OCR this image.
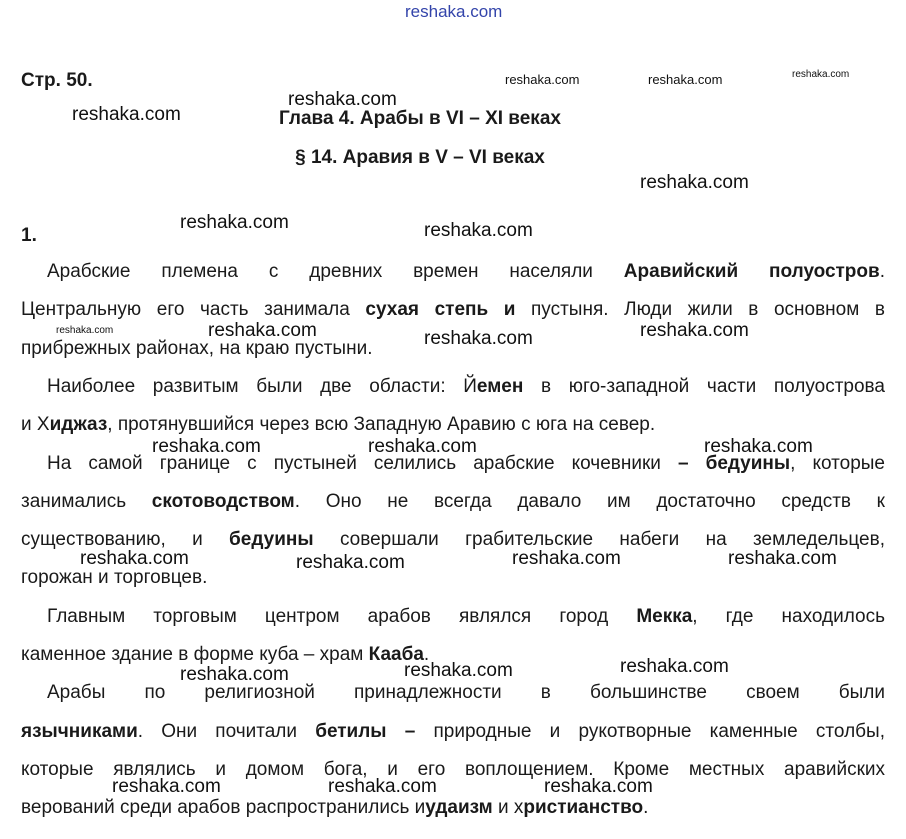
reshaka.com
reshaka.com	reshaka.com	reshaka.com
reshaka.com
reshaka.com
reshaka.com
reshaka.com	reshaka.com
reshaka.com	reshaka.com	reshaka.com	reshaka.com
reshaka.com	reshaka.com	reshaka.com
reshaka.com	reshaka.com	reshaka.com	reshaka.com
reshaka.com
reshaka.com	reshaka.com
reshaka.com	reshaka.com	reshaka.com
Стр. 50.
Глава 4. Арабы в VI – XI веках
§ 14. Аравия в V – VI веках
1.
Арабские племена с древних времен населяли Аравийский полуостров.
Центральную его часть занимала сухая степь и пустыня. Люди жили в основном в
прибрежных районах, на краю пустыни.
Наиболее развитым были две области: Йемен в юго-западной части полуострова
и Хиджаз, протянувшийся через всю Западную Аравию с юга на север.
На самой границе с пустыней селились арабские кочевники – бедуины, которые
занимались скотоводством. Оно не всегда давало им достаточно средств к
существованию, и бедуины совершали грабительские набеги на земледельцев,
горожан и торговцев.
Главным торговым центром арабов являлся город Мекка, где находилось
каменное здание в форме куба – храм Кааба.
Арабы по религиозной принадлежности в большинстве своем были
язычниками. Они почитали бетилы – природные и рукотворные каменные столбы,
которые являлись и домом бога, и его воплощением. Кроме местных аравийских
верований среди арабов распространились иудаизм и христианство.
